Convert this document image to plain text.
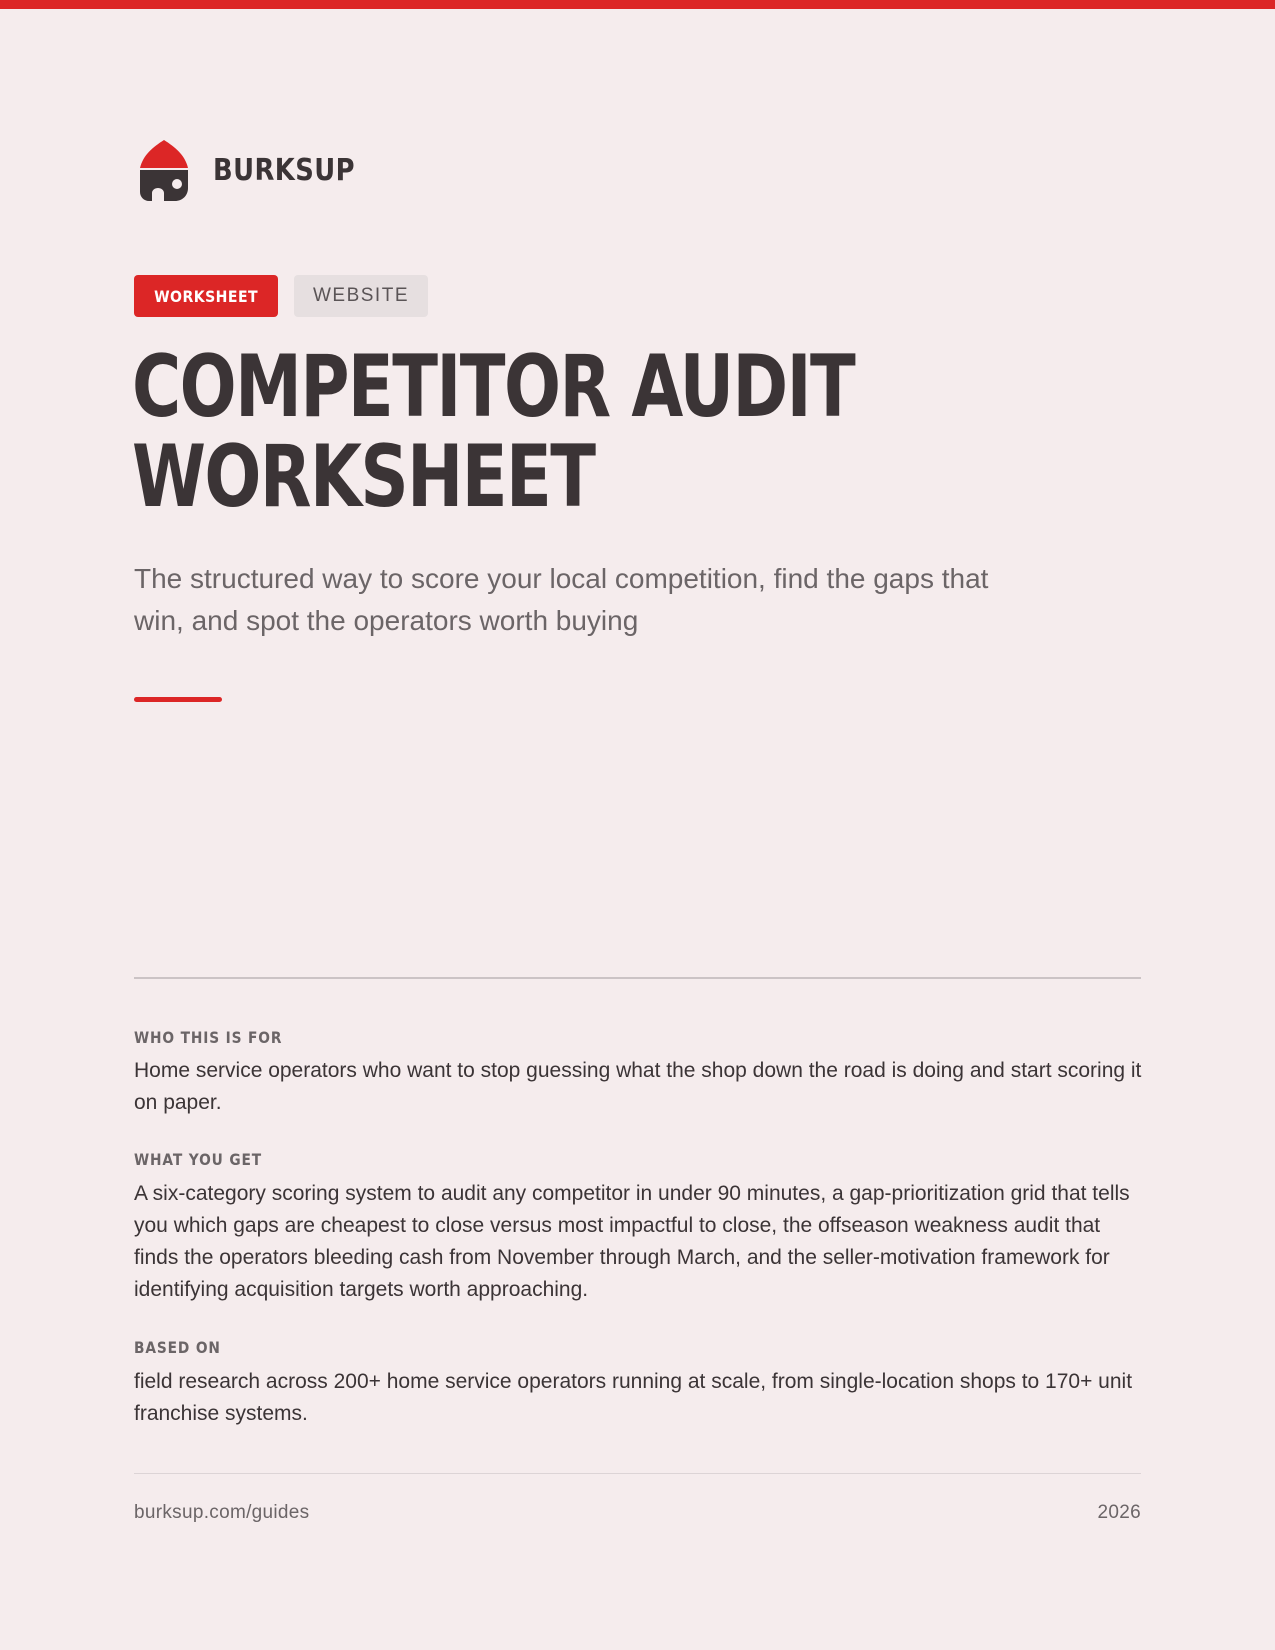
BURKSUP
WORKSHEET	WEBSITE
COMPETITOR AUDIT
WORKSHEET

The structured way to score your local competition, find the gaps that win, and spot the operators worth buying

WHO THIS IS FOR

Home service operators who want to stop guessing what the shop down the road is doing and start scoring it on paper.

WHAT YOU GET

A six-category scoring system to audit any competitor in under 90 minutes, a gap-prioritization grid that tells you which gaps are cheapest to close versus most impactful to close, the offseason weakness audit that finds the operators bleeding cash from November through March, and the seller-motivation framework for identifying acquisition targets worth approaching.

BASED ON

field research across 200+ home service operators running at scale, from single-location shops to 170+ unit franchise systems.

burksup.com/guides	2026
